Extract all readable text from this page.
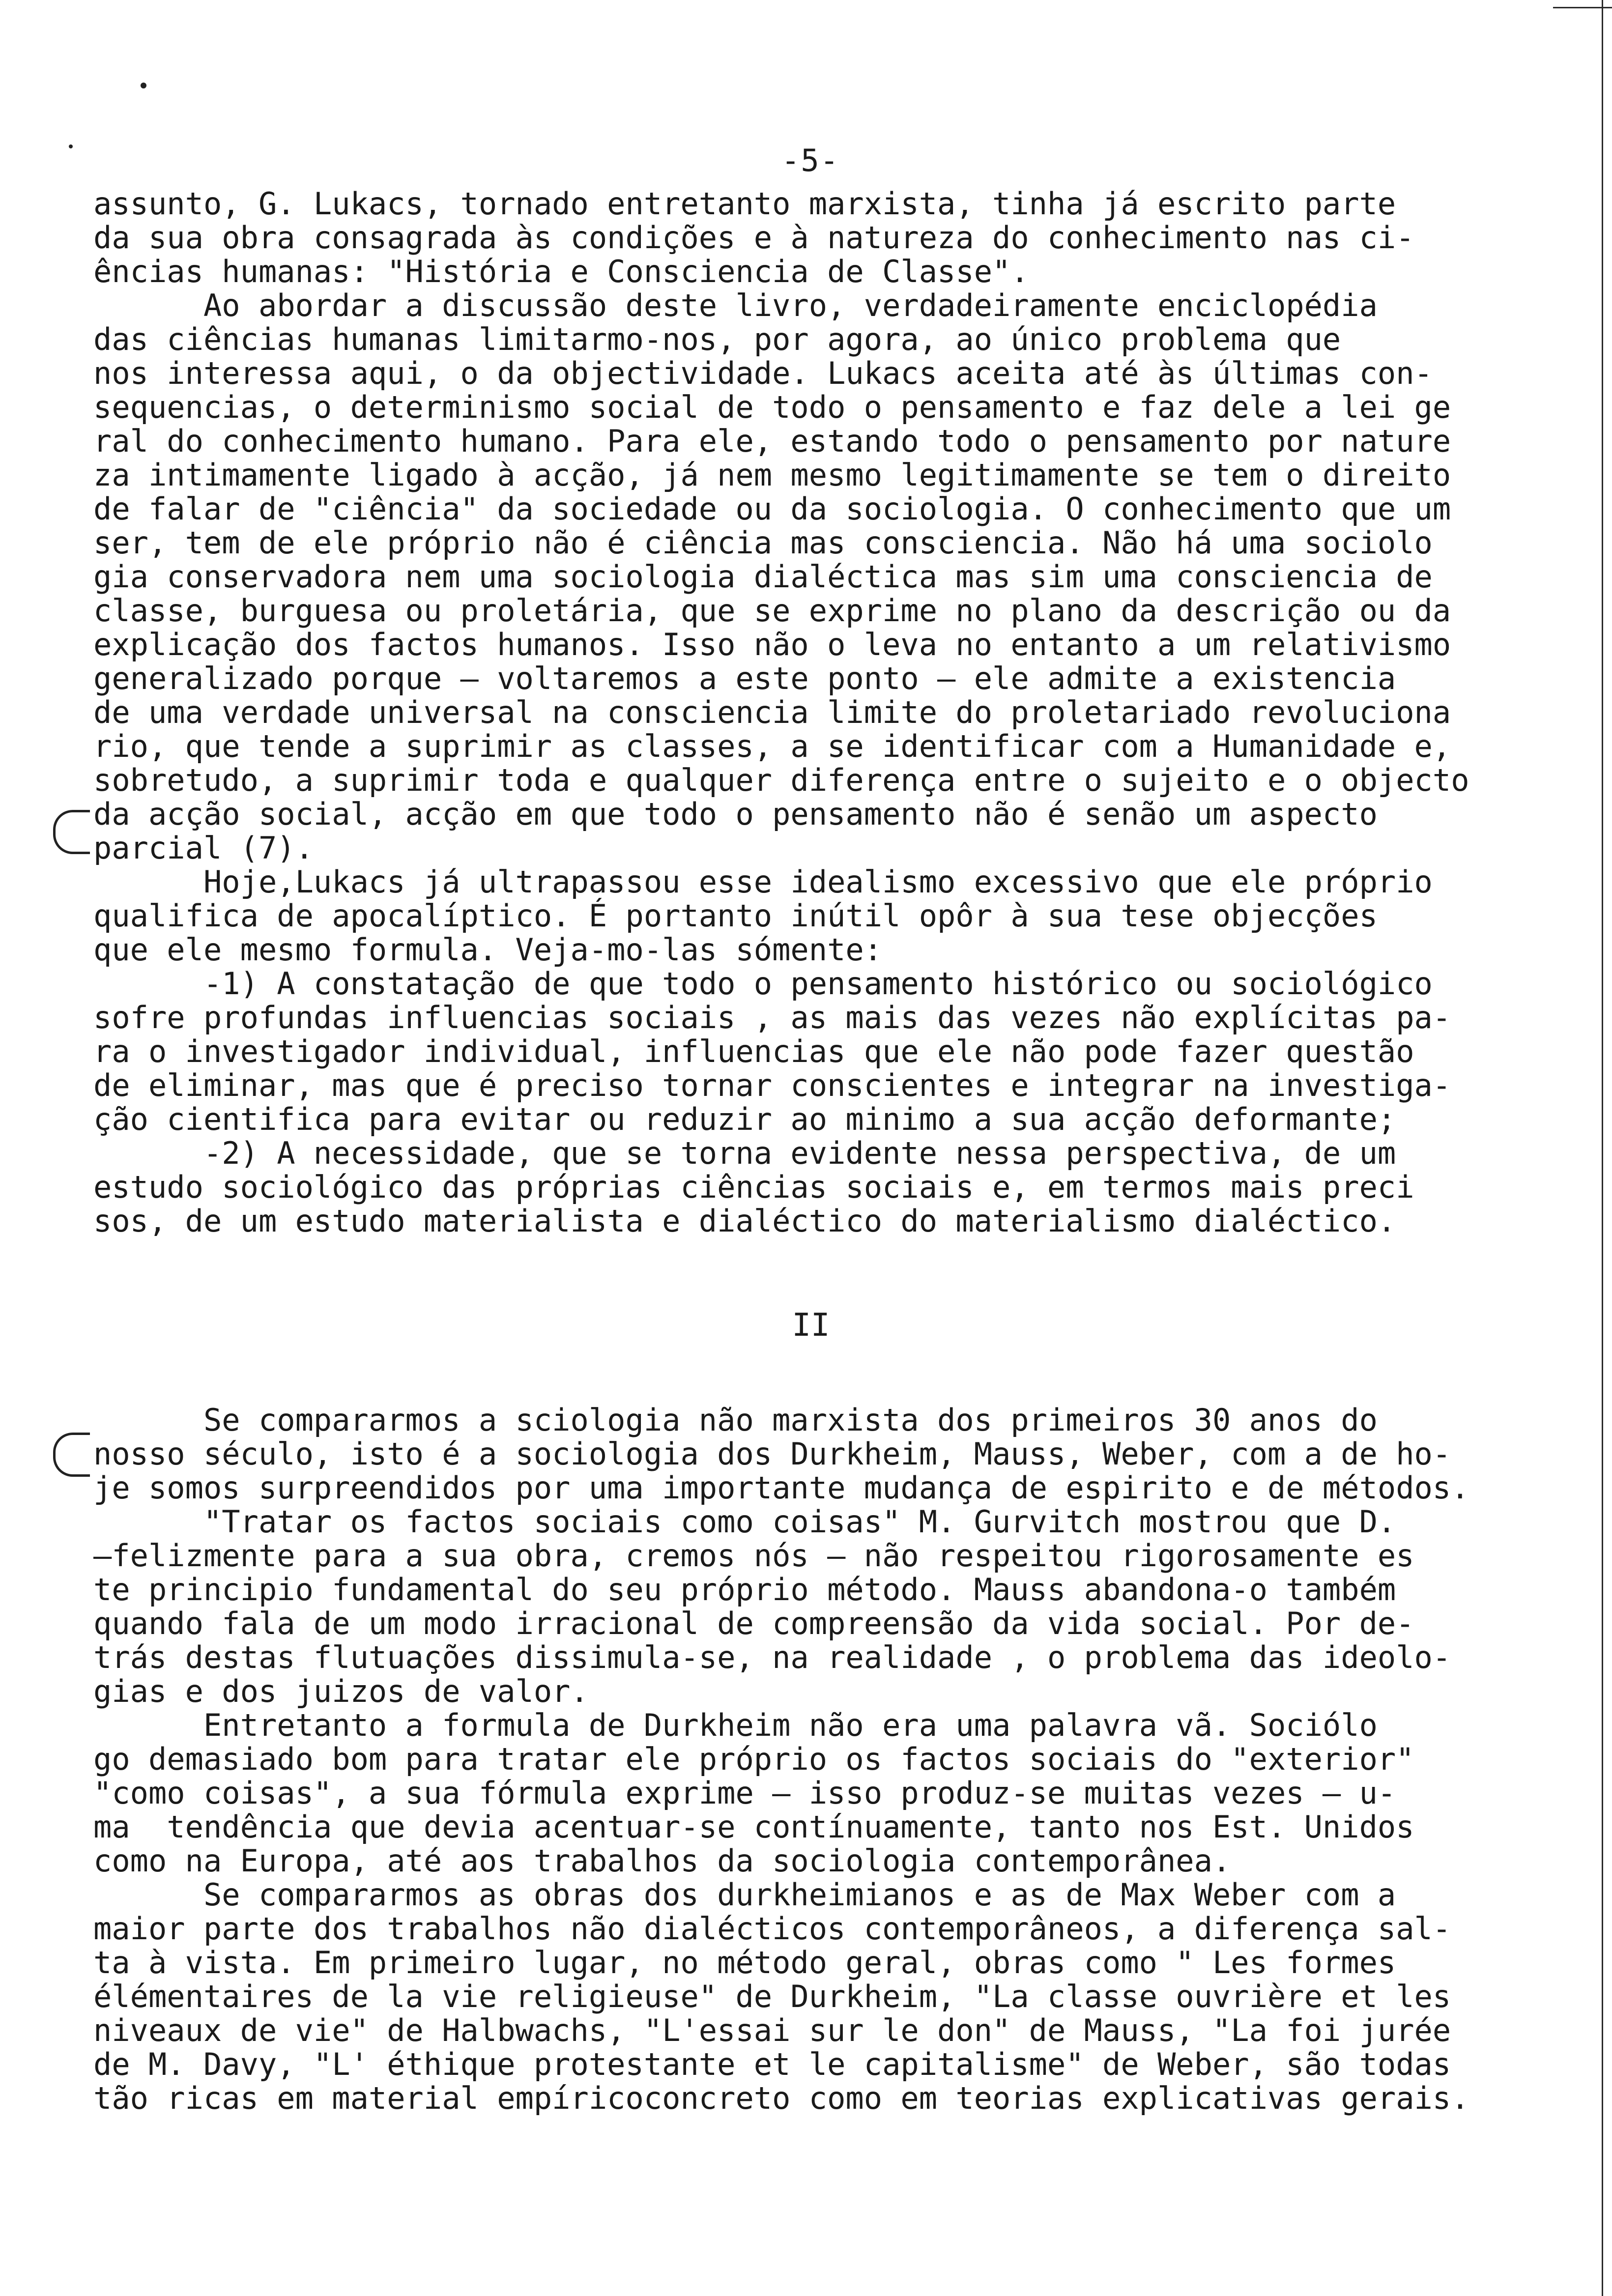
-5-
assunto, G. Lukacs, tornado entretanto marxista, tinha já escrito parte
da sua obra consagrada às condições e à natureza do conhecimento nas ci-
ências humanas: "História e Consciencia de Classe".
Ao abordar a discussão deste livro, verdadeiramente enciclopédia
das ciências humanas limitarmo-nos, por agora, ao único problema que
nos interessa aqui, o da objectividade. Lukacs aceita até às últimas con-
sequencias, o determinismo social de todo o pensamento e faz dele a lei ge
ral do conhecimento humano. Para ele, estando todo o pensamento por nature
za intimamente ligado à acção, já nem mesmo legitimamente se tem o direito
de falar de "ciência" da sociedade ou da sociologia. O conhecimento que um
ser, tem de ele próprio não é ciência mas consciencia. Não há uma sociolo
gia conservadora nem uma sociologia dialéctica mas sim uma consciencia de
classe, burguesa ou proletária, que se exprime no plano da descrição ou da
explicação dos factos humanos. Isso não o leva no entanto a um relativismo
generalizado porque — voltaremos a este ponto — ele admite a existencia
de uma verdade universal na consciencia limite do proletariado revoluciona
rio, que tende a suprimir as classes, a se identificar com a Humanidade e,
sobretudo, a suprimir toda e qualquer diferença entre o sujeito e o objecto
da acção social, acção em que todo o pensamento não é senão um aspecto
parcial (7).
Hoje,Lukacs já ultrapassou esse idealismo excessivo que ele próprio
qualifica de apocalíptico. É portanto inútil opôr à sua tese objecções
que ele mesmo formula. Veja-mo-las sómente:
-1) A constatação de que todo o pensamento histórico ou sociológico
sofre profundas influencias sociais , as mais das vezes não explícitas pa-
ra o investigador individual, influencias que ele não pode fazer questão
de eliminar, mas que é preciso tornar conscientes e integrar na investiga-
ção cientifica para evitar ou reduzir ao minimo a sua acção deformante;
-2) A necessidade, que se torna evidente nessa perspectiva, de um
estudo sociológico das próprias ciências sociais e, em termos mais preci
sos, de um estudo materialista e dialéctico do materialismo dialéctico.
II
Se compararmos a sciologia não marxista dos primeiros 30 anos do
nosso século, isto é a sociologia dos Durkheim, Mauss, Weber, com a de ho-
je somos surpreendidos por uma importante mudança de espirito e de métodos.
"Tratar os factos sociais como coisas" M. Gurvitch mostrou que D.
—felizmente para a sua obra, cremos nós — não respeitou rigorosamente es
te principio fundamental do seu próprio método. Mauss abandona-o também
quando fala de um modo irracional de compreensão da vida social. Por de-
trás destas flutuações dissimula-se, na realidade , o problema das ideolo-
gias e dos juizos de valor.
Entretanto a formula de Durkheim não era uma palavra vã. Sociólo
go demasiado bom para tratar ele próprio os factos sociais do "exterior"
"como coisas", a sua fórmula exprime — isso produz-se muitas vezes — u-
ma  tendência que devia acentuar-se contínuamente, tanto nos Est. Unidos
como na Europa, até aos trabalhos da sociologia contemporânea.
Se compararmos as obras dos durkheimianos e as de Max Weber com a
maior parte dos trabalhos não dialécticos contemporâneos, a diferença sal-
ta à vista. Em primeiro lugar, no método geral, obras como " Les formes
élémentaires de la vie religieuse" de Durkheim, "La classe ouvrière et les
niveaux de vie" de Halbwachs, "L'essai sur le don" de Mauss, "La foi jurée
de M. Davy, "L' éthique protestante et le capitalisme" de Weber, são todas
tão ricas em material empíricoconcreto como em teorias explicativas gerais.
